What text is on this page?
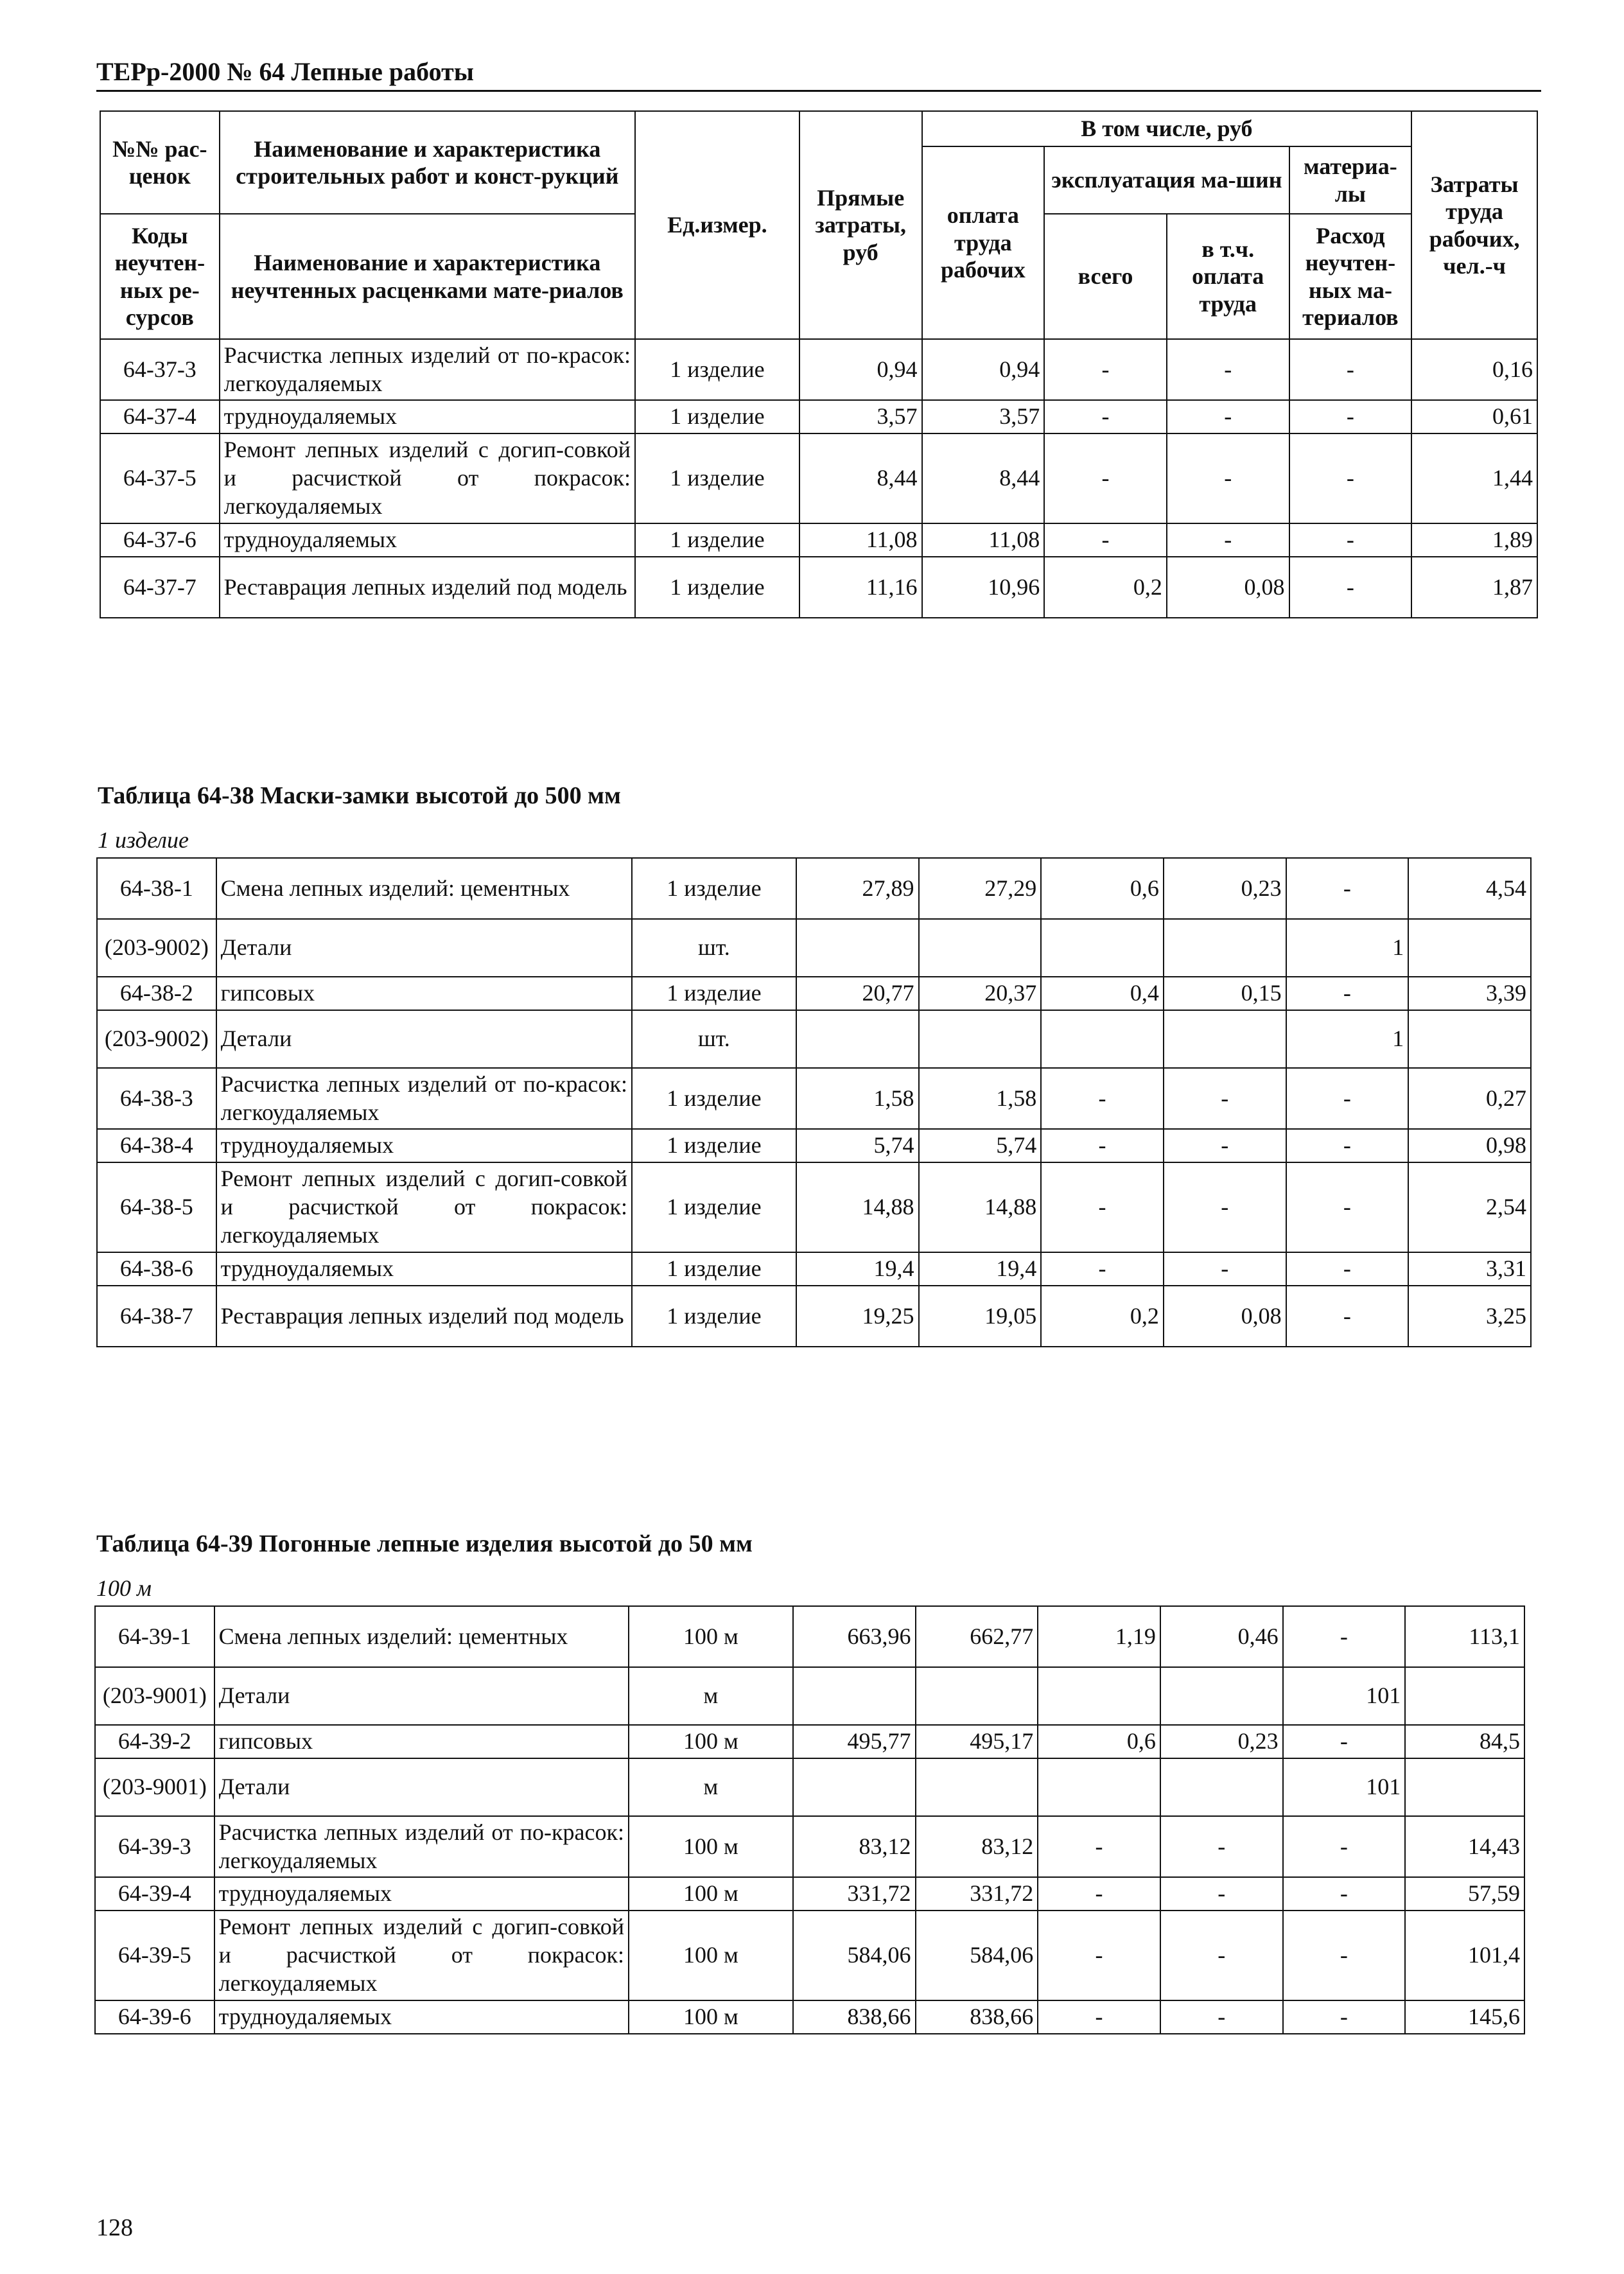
ТЕРр-2000 № 64 Лепные работы
№№ рас-ценок	Наименование и характеристика строительных работ и конст-рукций	Ед.измер.	Прямые затраты, руб	В том числе, руб				Затраты труда рабочих, чел.-ч
				оплата труда рабочих	эксплуатация ма-шин		материа-лы	
Коды неучтен-ных ре-сурсов	Наименование и характеристика неучтенных расценками мате-риалов				всего	в т.ч. оплата труда	Расход неучтен-ных ма-териалов	

64-37-3	Расчистка лепных изделий от по-красок: легкоудаляемых	1 изделие	0,94	0,94	-	-	-	0,16
64-37-4	трудноудаляемых	1 изделие	3,57	3,57	-	-	-	0,61
64-37-5	Ремонт лепных изделий с догип-совкой и расчисткой от покрасок: легкоудаляемых	1 изделие	8,44	8,44	-	-	-	1,44
64-37-6	трудноудаляемых	1 изделие	11,08	11,08	-	-	-	1,89
64-37-7	Реставрация лепных изделий под модель	1 изделие	11,16	10,96	0,2	0,08	-	1,87
Таблица 64-38 Маски-замки высотой до 500 мм
1 изделие
64-38-1	Смена лепных изделий: цементных	1 изделие	27,89	27,29	0,6	0,23	-	4,54
(203-9002)	Детали	шт.					1	
64-38-2	гипсовых	1 изделие	20,77	20,37	0,4	0,15	-	3,39
(203-9002)	Детали	шт.					1	
64-38-3	Расчистка лепных изделий от по-красок: легкоудаляемых	1 изделие	1,58	1,58	-	-	-	0,27
64-38-4	трудноудаляемых	1 изделие	5,74	5,74	-	-	-	0,98
64-38-5	Ремонт лепных изделий с догип-совкой и расчисткой от покрасок: легкоудаляемых	1 изделие	14,88	14,88	-	-	-	2,54
64-38-6	трудноудаляемых	1 изделие	19,4	19,4	-	-	-	3,31
64-38-7	Реставрация лепных изделий под модель	1 изделие	19,25	19,05	0,2	0,08	-	3,25
Таблица 64-39 Погонные лепные изделия высотой до 50 мм
100 м
64-39-1	Смена лепных изделий: цементных	100 м	663,96	662,77	1,19	0,46	-	113,1
(203-9001)	Детали	м					101	
64-39-2	гипсовых	100 м	495,77	495,17	0,6	0,23	-	84,5
(203-9001)	Детали	м					101	
64-39-3	Расчистка лепных изделий от по-красок: легкоудаляемых	100 м	83,12	83,12	-	-	-	14,43
64-39-4	трудноудаляемых	100 м	331,72	331,72	-	-	-	57,59
64-39-5	Ремонт лепных изделий с догип-совкой и расчисткой от покрасок: легкоудаляемых	100 м	584,06	584,06	-	-	-	101,4
64-39-6	трудноудаляемых	100 м	838,66	838,66	-	-	-	145,6
128
